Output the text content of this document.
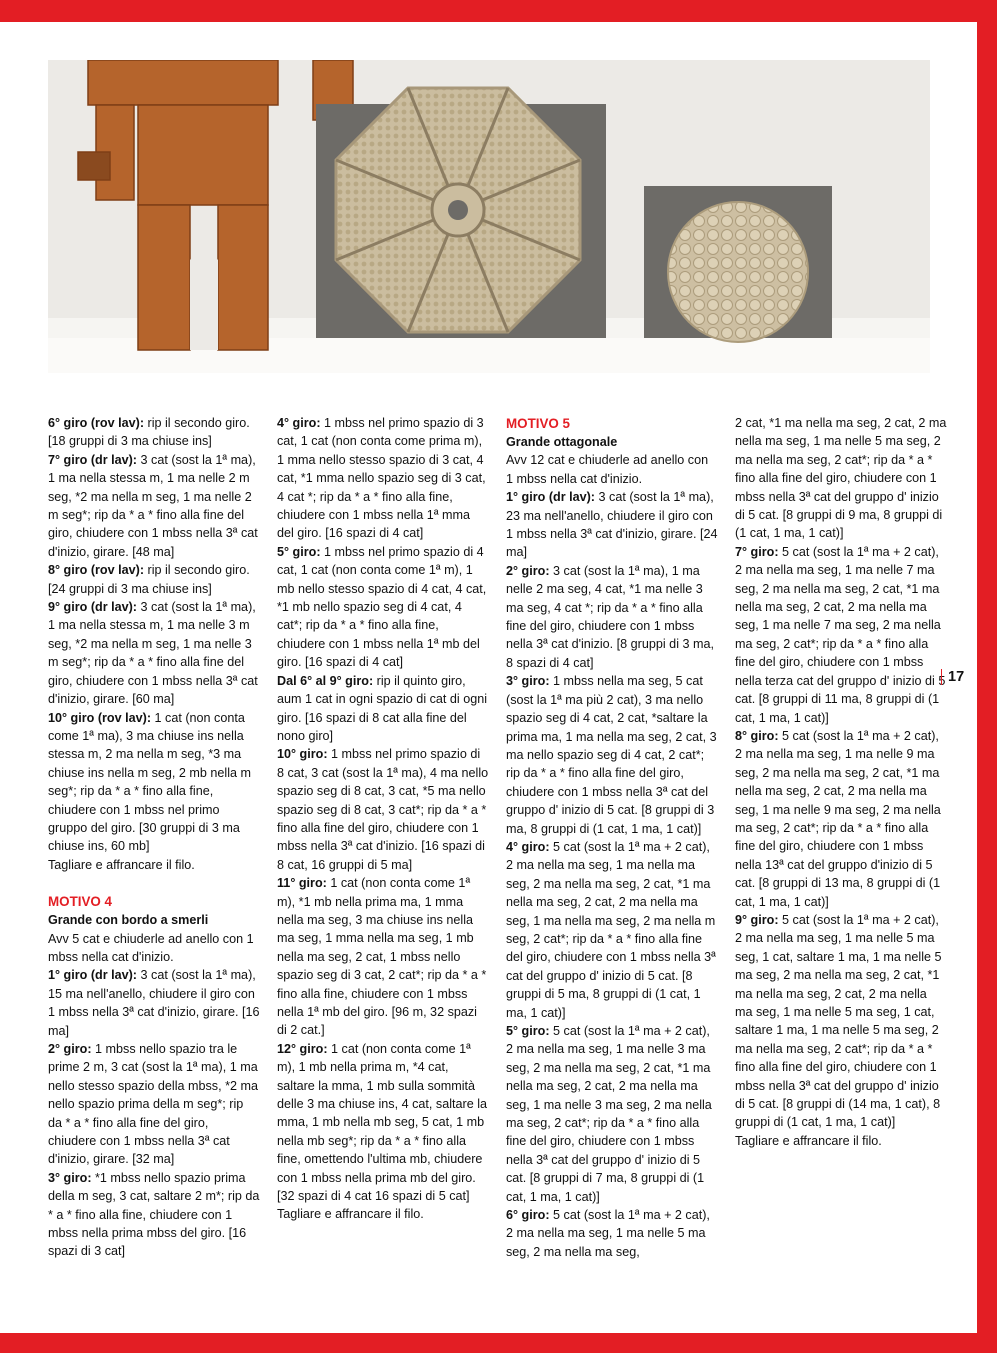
6° giro (rov lav): rip il secondo giro. [18 gruppi di 3 ma chiuse ins]

7° giro (dr lav): 3 cat (sost la 1ª ma), 1 ma nella stessa m, 1 ma nelle 2 m seg, *2 ma nella m seg, 1 ma nelle 2 m seg*; rip da * a * fino alla fine del giro, chiudere con 1 mbss nella 3ª cat d'inizio, girare. [48 ma]

8° giro (rov lav): rip il secondo giro. [24 gruppi di 3 ma chiuse ins]

9° giro (dr lav): 3 cat (sost la 1ª ma), 1 ma nella stessa m, 1 ma nelle 3 m seg, *2 ma nella m seg, 1 ma nelle 3 m seg*; rip da * a * fino alla fine del giro, chiudere con 1 mbss nella 3ª cat d'inizio, girare. [60 ma]

10° giro (rov lav): 1 cat (non conta come 1ª ma), 3 ma chiuse ins nella stessa m, 2 ma nella m seg, *3 ma chiuse ins nella m seg, 2 mb nella m seg*; rip da * a * fino alla fine, chiudere con 1 mbss nel primo gruppo del giro. [30 gruppi di 3 ma chiuse ins, 60 mb]

Tagliare e affrancare il filo.

MOTIVO 4

Grande con bordo a smerli

Avv 5 cat e chiuderle ad anello con 1 mbss nella cat d'inizio.

1° giro (dr lav): 3 cat (sost la 1ª ma), 15 ma nell'anello, chiudere il giro con 1 mbss nella 3ª cat d'inizio, girare. [16 ma]

2° giro: 1 mbss nello spazio tra le prime 2 m, 3 cat (sost la 1ª ma), 1 ma nello stesso spazio della mbss, *2 ma nello spazio prima della m seg*; rip da * a * fino alla fine del giro, chiudere con 1 mbss nella 3ª cat d'inizio, girare. [32 ma]

3° giro: *1 mbss nello spazio prima della m seg, 3 cat, saltare 2 m*; rip da * a * fino alla fine, chiudere con 1 mbss nella prima mbss del giro. [16 spazi di 3 cat]

4° giro: 1 mbss nel primo spazio di 3 cat, 1 cat (non conta come prima m), 1 mma nello stesso spazio di 3 cat, 4 cat, *1 mma nello spazio seg di 3 cat, 4 cat *; rip da * a * fino alla fine, chiudere con 1 mbss nella 1ª mma del giro. [16 spazi di 4 cat]

5° giro: 1 mbss nel primo spazio di 4 cat, 1 cat (non conta come 1ª m), 1 mb nello stesso spazio di 4 cat, 4 cat, *1 mb nello spazio seg di 4 cat, 4 cat*; rip da * a * fino alla fine, chiudere con 1 mbss nella 1ª mb del giro. [16 spazi di 4 cat]

Dal 6° al 9° giro: rip il quinto giro, aum 1 cat in ogni spazio di cat di ogni giro. [16 spazi di 8 cat alla fine del nono giro]

10° giro: 1 mbss nel primo spazio di 8 cat, 3 cat (sost la 1ª ma), 4 ma nello spazio seg di 8 cat, 3 cat, *5 ma nello spazio seg di 8 cat, 3 cat*; rip da * a * fino alla fine del giro, chiudere con 1 mbss nella 3ª cat d'inizio. [16 spazi di 8 cat, 16 gruppi di 5 ma]

11° giro: 1 cat (non conta come 1ª m), *1 mb nella prima ma, 1 mma nella ma seg, 3 ma chiuse ins nella ma seg, 1 mma nella ma seg, 1 mb nella ma seg, 2 cat, 1 mbss nello spazio seg di 3 cat, 2 cat*; rip da * a * fino alla fine, chiudere con 1 mbss nella 1ª mb del giro. [96 m, 32 spazi di 2 cat.]

12° giro: 1 cat (non conta come 1ª m), 1 mb nella prima m, *4 cat, saltare la mma, 1 mb sulla sommità delle 3 ma chiuse ins, 4 cat, saltare la mma, 1 mb nella mb seg, 5 cat, 1 mb nella mb seg*; rip da * a * fino alla fine, omettendo l'ultima mb, chiudere con 1 mbss nella prima mb del giro. [32 spazi di 4 cat 16 spazi di 5 cat]

Tagliare e affrancare il filo.

MOTIVO 5

Grande ottagonale

Avv 12 cat e chiuderle ad anello con 1 mbss nella cat d'inizio.

1° giro (dr lav): 3 cat (sost la 1ª ma), 23 ma nell'anello, chiudere il giro con 1 mbss nella 3ª cat d'inizio, girare. [24 ma]

2° giro: 3 cat (sost la 1ª ma), 1 ma nelle 2 ma seg, 4 cat, *1 ma nelle 3 ma seg, 4 cat *; rip da * a * fino alla fine del giro, chiudere con 1 mbss nella 3ª cat d'inizio. [8 gruppi di 3 ma, 8 spazi di 4 cat]

3° giro: 1 mbss nella ma seg, 5 cat (sost la 1ª ma più 2 cat), 3 ma nello spazio seg di 4 cat, 2 cat, *saltare la prima ma, 1 ma nella ma seg, 2 cat, 3 ma nello spazio seg di 4 cat, 2 cat*; rip da * a * fino alla fine del giro, chiudere con 1 mbss nella 3ª cat del gruppo d' inizio di 5 cat. [8 gruppi di 3 ma, 8 gruppi di (1 cat, 1 ma, 1 cat)]

4° giro: 5 cat (sost la 1ª ma + 2 cat), 2 ma nella ma seg, 1 ma nella ma seg, 2 ma nella ma seg, 2 cat, *1 ma nella ma seg, 2 cat, 2 ma nella ma seg, 1 ma nella ma seg, 2 ma nella m seg, 2 cat*; rip da * a * fino alla fine del giro, chiudere con 1 mbss nella 3ª cat del gruppo d' inizio di 5 cat. [8 gruppi di 5 ma, 8 gruppi di (1 cat, 1 ma, 1 cat)]

5° giro: 5 cat (sost la 1ª ma + 2 cat), 2 ma nella ma seg, 1 ma nelle 3 ma seg, 2 ma nella ma seg, 2 cat, *1 ma nella ma seg, 2 cat, 2 ma nella ma seg, 1 ma nelle 3 ma seg, 2 ma nella ma seg, 2 cat*; rip da * a * fino alla fine del giro, chiudere con 1 mbss nella 3ª cat del gruppo d' inizio di 5 cat. [8 gruppi di 7 ma, 8 gruppi di (1 cat, 1 ma, 1 cat)]

6° giro: 5 cat (sost la 1ª ma + 2 cat), 2 ma nella ma seg, 1 ma nelle 5 ma seg, 2 ma nella ma seg,

2 cat, *1 ma nella ma seg, 2 cat, 2 ma nella ma seg, 1 ma nelle 5 ma seg, 2 ma nella ma seg, 2 cat*; rip da * a * fino alla fine del giro, chiudere con 1 mbss nella 3ª cat del gruppo d' inizio di 5 cat. [8 gruppi di 9 ma, 8 gruppi di (1 cat, 1 ma, 1 cat)]

7° giro: 5 cat (sost la 1ª ma + 2 cat), 2 ma nella ma seg, 1 ma nelle 7 ma seg, 2 ma nella ma seg, 2 cat, *1 ma nella ma seg, 2 cat, 2 ma nella ma seg, 1 ma nelle 7 ma seg, 2 ma nella ma seg, 2 cat*; rip da * a * fino alla fine del giro, chiudere con 1 mbss nella terza cat del gruppo d' inizio di 5 cat. [8 gruppi di 11 ma, 8 gruppi di (1 cat, 1 ma, 1 cat)]

8° giro: 5 cat (sost la 1ª ma + 2 cat), 2 ma nella ma seg, 1 ma nelle 9 ma seg, 2 ma nella ma seg, 2 cat, *1 ma nella ma seg, 2 cat, 2 ma nella ma seg, 1 ma nelle 9 ma seg, 2 ma nella ma seg, 2 cat*; rip da * a * fino alla fine del giro, chiudere con 1 mbss nella 13ª cat del gruppo d'inizio di 5 cat. [8 gruppi di 13 ma, 8 gruppi di (1 cat, 1 ma, 1 cat)]

9° giro: 5 cat (sost la 1ª ma + 2 cat), 2 ma nella ma seg, 1 ma nelle 5 ma seg, 1 cat, saltare 1 ma, 1 ma nelle 5 ma seg, 2 ma nella ma seg, 2 cat, *1 ma nella ma seg, 2 cat, 2 ma nella ma seg, 1 ma nelle 5 ma seg, 1 cat, saltare 1 ma, 1 ma nelle 5 ma seg, 2 ma nella ma seg, 2 cat*; rip da * a * fino alla fine del giro, chiudere con 1 mbss nella 3ª cat del gruppo d' inizio di 5 cat. [8 gruppi di (14 ma, 1 cat), 8 gruppi di (1 cat, 1 ma, 1 cat)]

Tagliare e affrancare il filo.

17
